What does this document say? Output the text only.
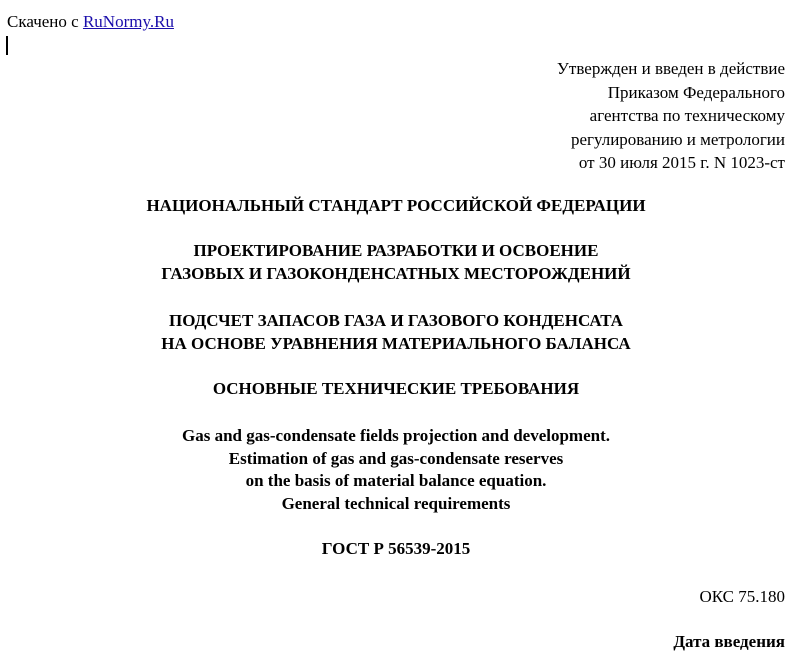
Скачено с RuNormy.Ru
Утвержден и введен в действие
Приказом Федерального
агентства по техническому
регулированию и метрологии
от 30 июля 2015 г. N 1023-ст
НАЦИОНАЛЬНЫЙ СТАНДАРТ РОССИЙСКОЙ ФЕДЕРАЦИИ
ПРОЕКТИРОВАНИЕ РАЗРАБОТКИ И ОСВОЕНИЕ
ГАЗОВЫХ И ГАЗОКОНДЕНСАТНЫХ МЕСТОРОЖДЕНИЙ
ПОДСЧЕТ ЗАПАСОВ ГАЗА И ГАЗОВОГО КОНДЕНСАТА
НА ОСНОВЕ УРАВНЕНИЯ МАТЕРИАЛЬНОГО БАЛАНСА
ОСНОВНЫЕ ТЕХНИЧЕСКИЕ ТРЕБОВАНИЯ
Gas and gas-condensate fields projection and development.
Estimation of gas and gas-condensate reserves
on the basis of material balance equation.
General technical requirements
ГОСТ Р 56539-2015
ОКС 75.180
Дата введения
